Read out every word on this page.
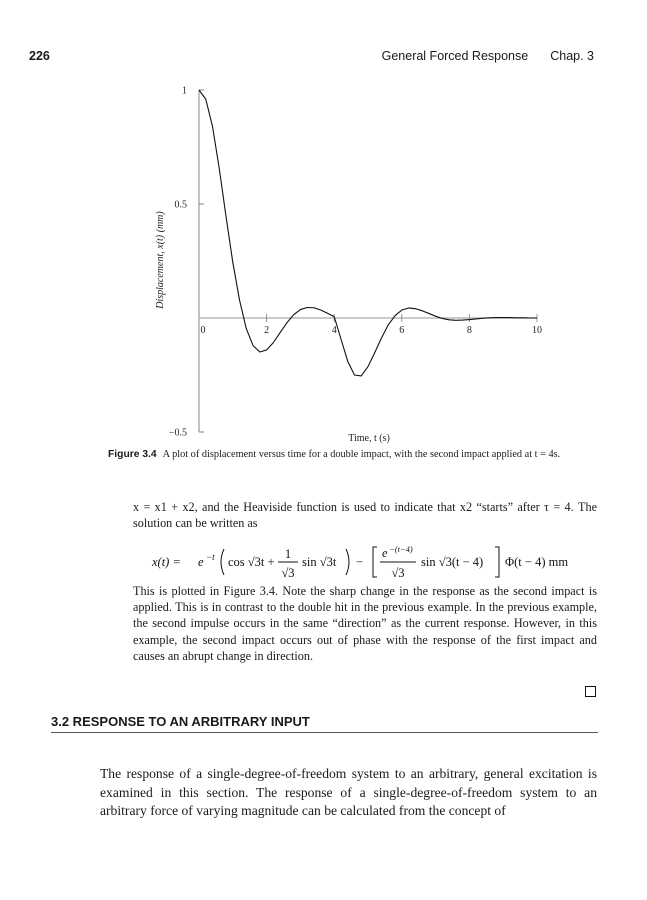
226	General Forced Response Chap. 3
0	2	4	6	8	10
1
0.5
−0.5
Displacement, x(t) (mm)
Time, t (s)
Figure 3.4 A plot of displacement versus time for a double impact, with the second impact applied at t = 4s.
x = x1 + x2, and the Heaviside function is used to indicate that x2 “starts” after τ = 4. The solution can be written as
x(t) = e −t cos √3t +
1
√3
sin √3t −
e −(t−4)
√3
sin √3(t − 4) Φ(t − 4) mm
This is plotted in Figure 3.4. Note the sharp change in the response as the second impact is applied. This is in contrast to the double hit in the previous example. In the previous example, the second impulse occurs in the same “direction” as the current response. However, in this example, the second impact occurs out of phase with the response of the first impact and causes an abrupt change in direction.
3.2 RESPONSE TO AN ARBITRARY INPUT
The response of a single-degree-of-freedom system to an arbitrary, general excitation is examined in this section. The response of a single-degree-of-freedom system to an arbitrary force of varying magnitude can be calculated from the concept of
